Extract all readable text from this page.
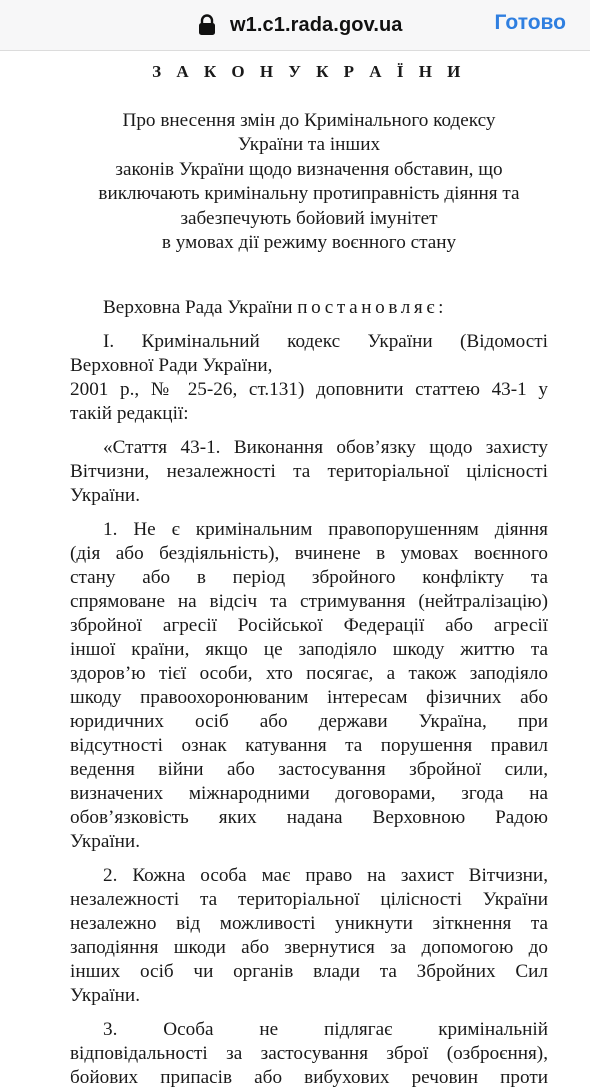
w1.c1.rada.gov.ua	Готово
З А К О Н У К Р А Ї Н И
Про внесення змін до Кримінального кодексу
України та інших
законів України щодо визначення обставин, що
виключають кримінальну протиправність діяння та
забезпечують бойовий імунітет
в умовах дії режиму воєнного стану

Верховна Рада України постановляє:

I. Кримінальний кодекс України (Відомості
Верховної Ради України,
2001 р., № 25-26, ст.131) доповнити статтею 43-1 у
такій редакції:
«Стаття 43-1. Виконання обов’язку щодо захисту
Вітчизни, незалежності та територіальної цілісності
України.
1. Не є кримінальним правопорушенням діяння
(дія або бездіяльність), вчинене в умовах воєнного
стану або в період збройного конфлікту та
спрямоване на відсіч та стримування (нейтралізацію)
збройної агресії Російської Федерації або агресії
іншої країни, якщо це заподіяло шкоду життю та
здоров’ю тієї особи, хто посягає, а також заподіяло
шкоду правоохоронюваним інтересам фізичних або
юридичних осіб або держави Україна, при
відсутності ознак катування та порушення правил
ведення війни або застосування збройної сили,
визначених міжнародними договорами, згода на
обов’язковість яких надана Верховною Радою
України.
2. Кожна особа має право на захист Вітчизни,
незалежності та територіальної цілісності України
незалежно від можливості уникнути зіткнення та
заподіяння шкоди або звернутися за допомогою до
інших осіб чи органів влади та Збройних Сил
України.
3. Особа не підлягає кримінальній
відповідальності за застосування зброї (озброєння),
бойових припасів або вибухових речовин проти
